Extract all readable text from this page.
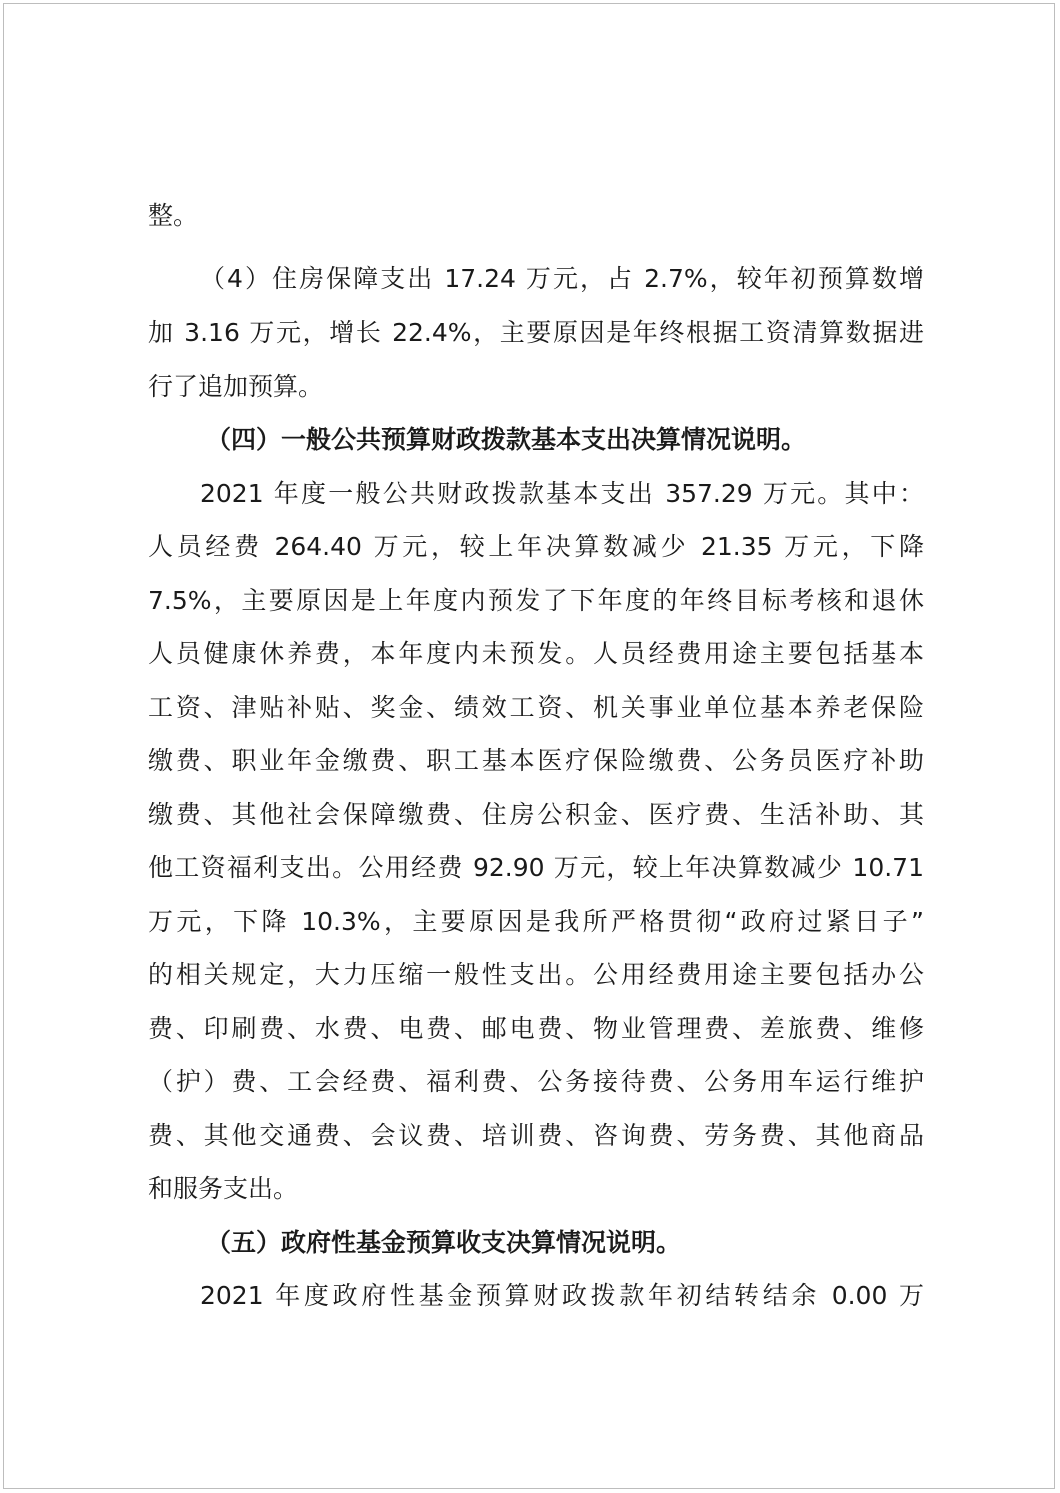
整。
（4）住房保障支出 17.24 万元，占 2.7%，较年初预算数增
加 3.16 万元，增长 22.4%，主要原因是年终根据工资清算数据进
行了追加预算。
（四）一般公共预算财政拨款基本支出决算情况说明。
2021 年度一般公共财政拨款基本支出 357.29 万元。其中：
人员经费 264.40 万元，较上年决算数减少 21.35 万元，下降
7.5%，主要原因是上年度内预发了下年度的年终目标考核和退休
人员健康休养费，本年度内未预发。人员经费用途主要包括基本
工资、津贴补贴、奖金、绩效工资、机关事业单位基本养老保险
缴费、职业年金缴费、职工基本医疗保险缴费、公务员医疗补助
缴费、其他社会保障缴费、住房公积金、医疗费、生活补助、其
他工资福利支出。公用经费 92.90 万元，较上年决算数减少 10.71
万元，下降 10.3%，主要原因是我所严格贯彻“政府过紧日子”
的相关规定，大力压缩一般性支出。公用经费用途主要包括办公
费、印刷费、水费、电费、邮电费、物业管理费、差旅费、维修
（护）费、工会经费、福利费、公务接待费、公务用车运行维护
费、其他交通费、会议费、培训费、咨询费、劳务费、其他商品
和服务支出。
（五）政府性基金预算收支决算情况说明。
2021 年度政府性基金预算财政拨款年初结转结余 0.00 万
